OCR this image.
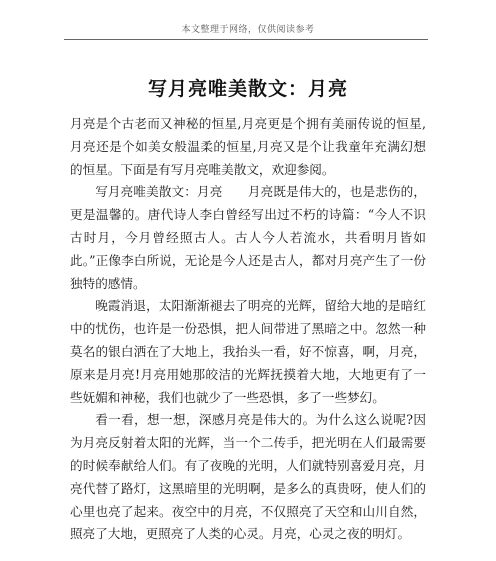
本文整理于网络，仅供阅读参考
写月亮唯美散文：月亮

月亮是个古老而又神秘的恒星,月亮更是个拥有美丽传说的恒星,月亮还是个如美女般温柔的恒星,月亮又是个让我童年充满幻想的恒星。下面是有写月亮唯美散文，欢迎参阅。

写月亮唯美散文：月亮　　月亮既是伟大的，也是悲伤的，更是温馨的。唐代诗人李白曾经写出过不朽的诗篇：“今人不识古时月，今月曾经照古人。古人今人若流水，共看明月皆如此。”正像李白所说，无论是今人还是古人，都对月亮产生了一份独特的感情。

晚霞消退，太阳渐渐褪去了明亮的光辉，留给大地的是暗红中的忧伤，也许是一份恐惧，把人间带进了黑暗之中。忽然一种莫名的银白洒在了大地上，我抬头一看，好不惊喜，啊，月亮，原来是月亮!月亮用她那皎洁的光辉抚摸着大地，大地更有了一些妩媚和神秘，我们也就少了一些恐惧，多了一些梦幻。

看一看，想一想，深感月亮是伟大的。为什么这么说呢?因为月亮反射着太阳的光辉，当一个二传手，把光明在人们最需要的时候奉献给人们。有了夜晚的光明，人们就特别喜爱月亮，月亮代替了路灯，这黑暗里的光明啊，是多么的真贵呀，使人们的心里也亮了起来。夜空中的月亮，不仅照亮了天空和山川自然，照亮了大地，更照亮了人类的心灵。月亮，心灵之夜的明灯。
